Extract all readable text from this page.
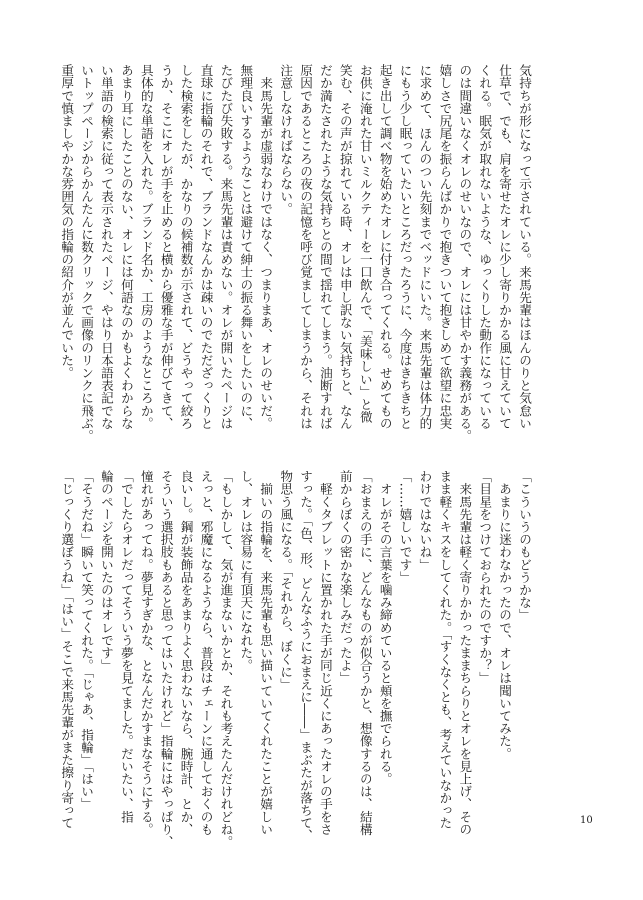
気持ちが形になって示されている。来馬先輩はほんのりと気怠い
仕草で、でも、肩を寄せたオレに少し寄りかかる風に甘えていて
くれる。眠気が取れないような、ゆっくりした動作になっている
のは間違いなくオレのせいなので、オレには甘やかす義務がある。
嬉しさで尻尾を振らんばかりで抱きついて抱きしめて欲望に忠実
に求めて、ほんのつい先刻までベッドにいた。来馬先輩は体力的
にもう少し眠っていたいところだったろうに、今度はきちきちと
起き出して調べ物を始めたオレに付き合ってくれる。せめてもの
お供に淹れた甘いミルクティーを一口飲んで、「美味しい」と微
笑む、その声が掠れている時、オレは申し訳ない気持ちと、なん
だか満たされたような気持ちとの間で揺れてしまう。油断すれば
原因であるところの夜の記憶を呼び覚ましてしまうから、それは
注意しなければならない。
　来馬先輩が虚弱なわけではなく、つまりまあ、オレのせいだ。
無理良いするようなことは避けて紳士の振る舞いをしたいのに、
たびたび失敗する。来馬先輩は責めない。オレが開いたページは
直球に指輪のそれで、ブランドなんかは疎いのでただざっくりと
した検索をしたが、かなりの候補数が示されて、どうやって絞ろ
うか、そこにオレが手を止めると横から優雅な手が伸びてきて、
具体的な単語を入れた。ブランド名か、工房のようなところか。
あまり耳にしたことのない、オレには何語なのかもよくわからな
い単語の検索に従って表示されたページ、やはり日本語表記でな
いトップページからかんたんに数クリックで画像のリンクに飛ぶ。
重厚で慎ましやかな雰囲気の指輪の紹介が並んでいた。
「こういうのもどうかな」
　あまりに迷わなかったので、オレは聞いてみた。
「目星をつけておられたのですか？」
　来馬先輩は軽く寄りかかったままちらりとオレを見上げ、その
まま軽くキスをしてくれた。「すくなくとも、考えていなかった
わけではないね」
「……嬉しいです」
　オレがその言葉を噛み締めていると頬を撫でられる。
「おまえの手に、どんなものが似合うかと、想像するのは、結構
前からぼくの密かな楽しみだったよ」
　軽くタブレットに置かれた手が同じ近くにあったオレの手をさ
すった。「色、形、どんなふうにおまえに――」まぶたが落ちて、
物思う風になる。「それから、ぼくに」
　揃いの指輪を、来馬先輩も思い描いていてくれたことが嬉しい
し、オレは容易に有頂天になれた。
「もしかして、気が進まないかとか、それも考えたんだけれどね。
えっと、邪魔になるようなら、普段はチェーンに通しておくのも
良いし。鋼が装飾品をあまりよく思わないなら、腕時計、とか、
そういう選択肢もあると思ってはいたけれど」指輪にはやっぱり、
憧れがあってね。夢見すぎかな、となんだかすまなそうにする。
「でしたらオレだってそういう夢を見てました。だいたい、指
輪のページを開いたのはオレです」
「そうだね」瞬いて笑ってくれた。「じゃあ、指輪」「はい」
「じっくり選ぼうね」「はい」そこで来馬先輩がまた擦り寄って	10
